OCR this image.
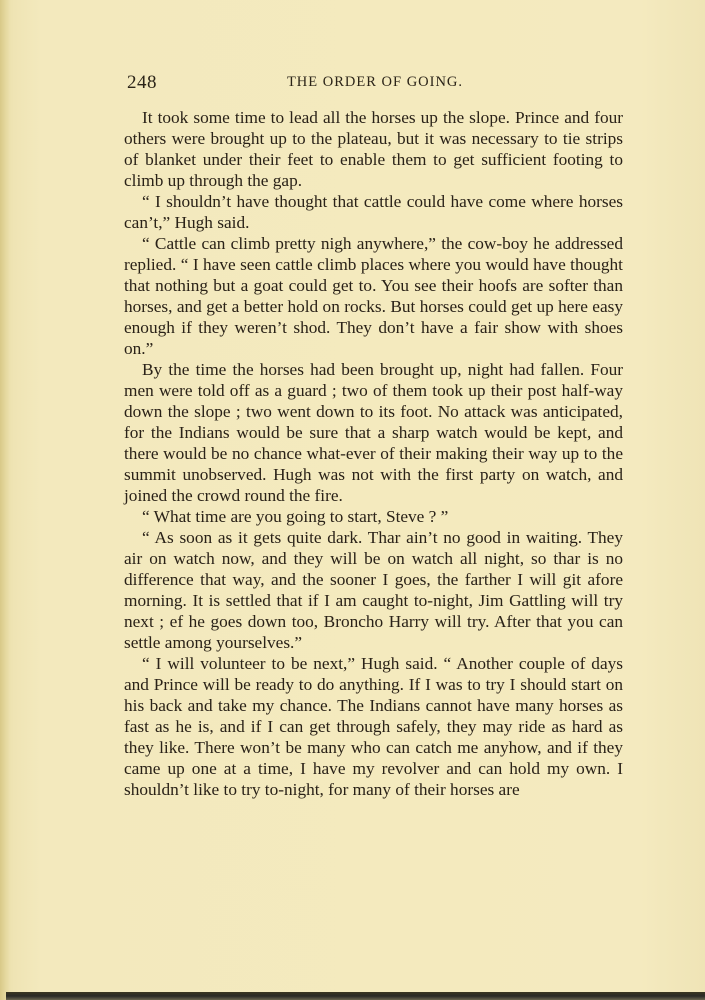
248	THE ORDER OF GOING.

It took some time to lead all the horses up the slope. Prince and four others were brought up to the plateau, but it was necessary to tie strips of blanket under their feet to enable them to get sufficient footing to climb up through the gap.

“ I shouldn’t have thought that cattle could have come where horses can’t,” Hugh said.

“ Cattle can climb pretty nigh anywhere,” the cow-boy he addressed replied. “ I have seen cattle climb places where you would have thought that nothing but a goat could get to. You see their hoofs are softer than horses, and get a better hold on rocks. But horses could get up here easy enough if they weren’t shod. They don’t have a fair show with shoes on.”

By the time the horses had been brought up, night had fallen. Four men were told off as a guard ; two of them took up their post half-way down the slope ; two went down to its foot. No attack was anticipated, for the Indians would be sure that a sharp watch would be kept, and there would be no chance what-ever of their making their way up to the summit unobserved. Hugh was not with the first party on watch, and joined the crowd round the fire.

“ What time are you going to start, Steve ? ”

“ As soon as it gets quite dark. Thar ain’t no good in waiting. They air on watch now, and they will be on watch all night, so thar is no difference that way, and the sooner I goes, the farther I will git afore morning. It is settled that if I am caught to-night, Jim Gattling will try next ; ef he goes down too, Broncho Harry will try. After that you can settle among yourselves.”

“ I will volunteer to be next,” Hugh said. “ Another couple of days and Prince will be ready to do anything. If I was to try I should start on his back and take my chance. The Indians cannot have many horses as fast as he is, and if I can get through safely, they may ride as hard as they like. There won’t be many who can catch me anyhow, and if they came up one at a time, I have my revolver and can hold my own. I shouldn’t like to try to-night, for many of their horses are
